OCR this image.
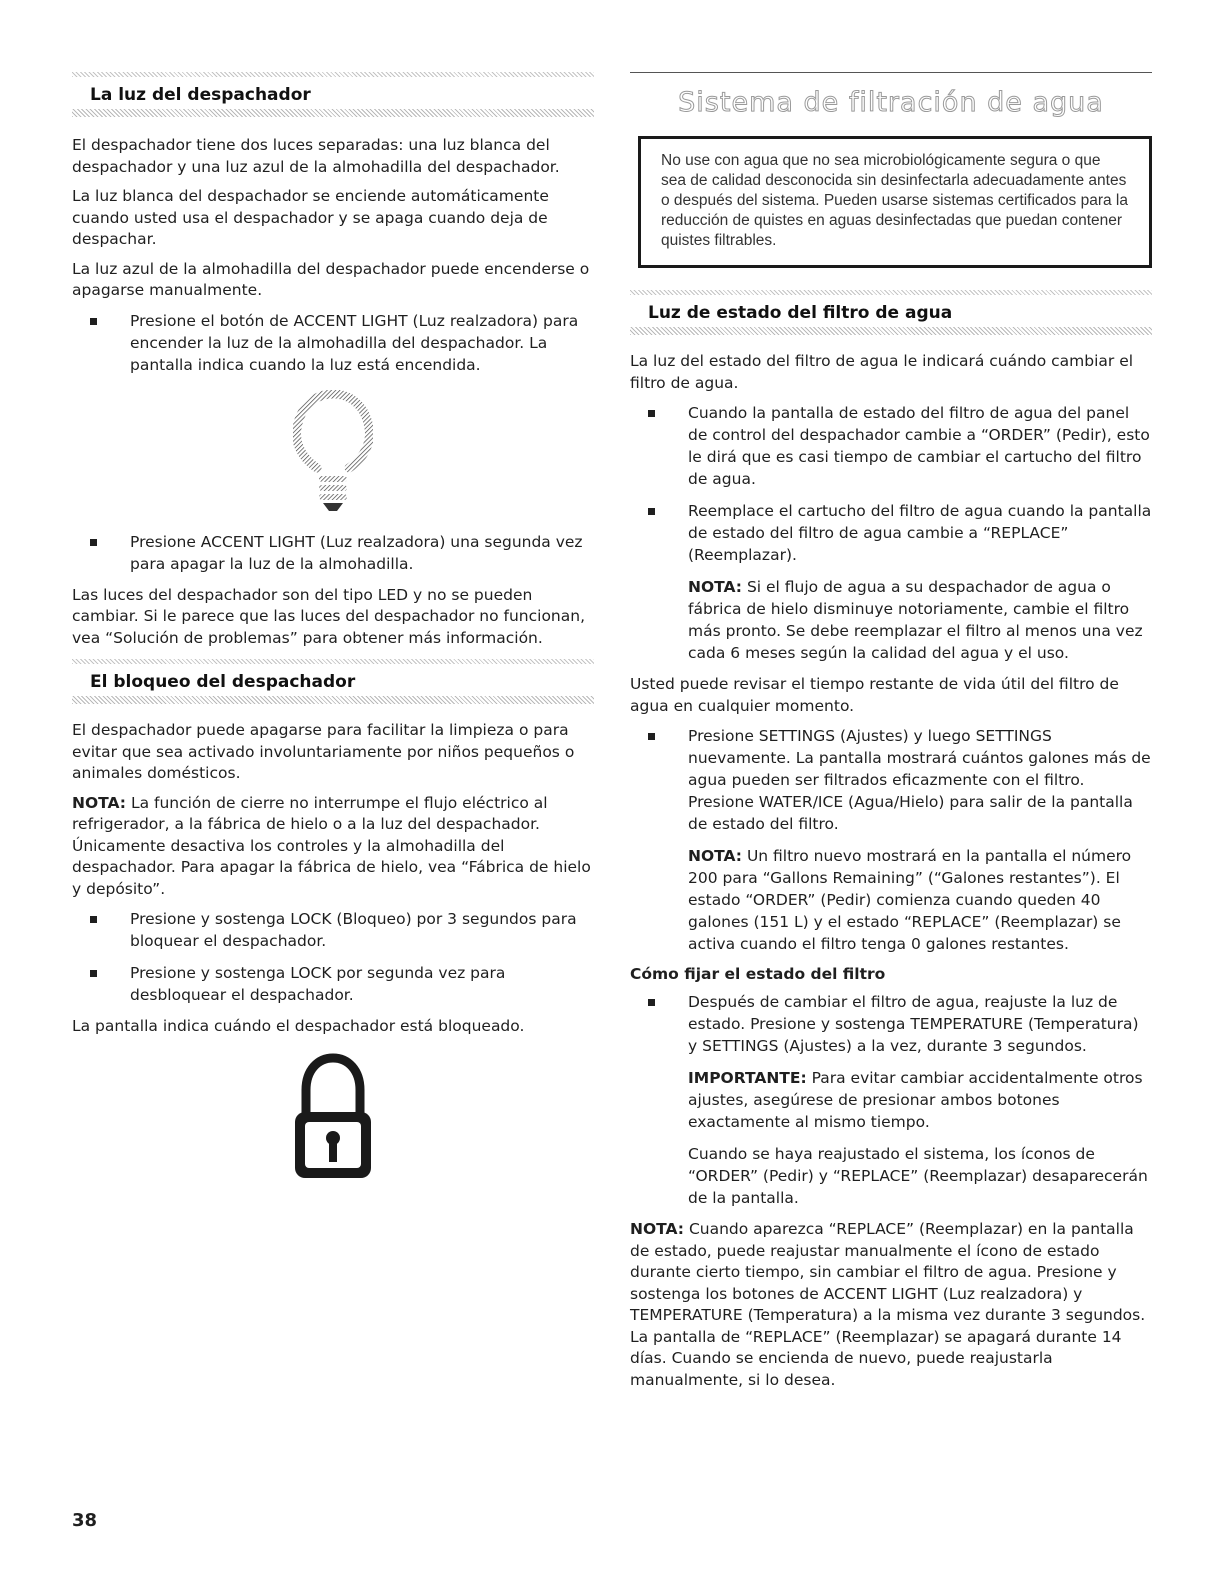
La luz del despachador

El despachador tiene dos luces separadas: una luz blanca del despachador y una luz azul de la almohadilla del despachador.

La luz blanca del despachador se enciende automáticamente cuando usted usa el despachador y se apaga cuando deja de despachar.

La luz azul de la almohadilla del despachador puede encenderse o apagarse manualmente.

Presione el botón de ACCENT LIGHT (Luz realzadora) para encender la luz de la almohadilla del despachador. La pantalla indica cuando la luz está encendida.
Presione ACCENT LIGHT (Luz realzadora) una segunda vez para apagar la luz de la almohadilla.

Las luces del despachador son del tipo LED y no se pueden cambiar. Si le parece que las luces del despachador no funcionan, vea “Solución de problemas” para obtener más información.

El bloqueo del despachador

El despachador puede apagarse para facilitar la limpieza o para evitar que sea activado involuntariamente por niños pequeños o animales domésticos.

NOTA: La función de cierre no interrumpe el flujo eléctrico al refrigerador, a la fábrica de hielo o a la luz del despachador. Únicamente desactiva los controles y la almohadilla del despachador. Para apagar la fábrica de hielo, vea “Fábrica de hielo y depósito”.

Presione y sostenga LOCK (Bloqueo) por 3 segundos para bloquear el despachador.
Presione y sostenga LOCK por segunda vez para desbloquear el despachador.

La pantalla indica cuándo el despachador está bloqueado.

Sistema de filtración de agua
No use con agua que no sea microbiológicamente segura o que sea de calidad desconocida sin desinfectarla adecuadamente antes o después del sistema. Pueden usarse sistemas certificados para la reducción de quistes en aguas desinfectadas que puedan contener quistes filtrables.
Luz de estado del filtro de agua

La luz del estado del filtro de agua le indicará cuándo cambiar el filtro de agua.

Cuando la pantalla de estado del filtro de agua del panel de control del despachador cambie a “ORDER” (Pedir), esto le dirá que es casi tiempo de cambiar el cartucho del filtro de agua.
Reemplace el cartucho del filtro de agua cuando la pantalla de estado del filtro de agua cambie a “REPLACE” (Reemplazar).
NOTA: Si el flujo de agua a su despachador de agua o fábrica de hielo disminuye notoriamente, cambie el filtro más pronto. Se debe reemplazar el filtro al menos una vez cada 6 meses según la calidad del agua y el uso.

Usted puede revisar el tiempo restante de vida útil del filtro de agua en cualquier momento.

Presione SETTINGS (Ajustes) y luego SETTINGS nuevamente. La pantalla mostrará cuántos galones más de agua pueden ser filtrados eficazmente con el filtro. Presione WATER/ICE (Agua/Hielo) para salir de la pantalla de estado del filtro.
NOTA: Un filtro nuevo mostrará en la pantalla el número 200 para “Gallons Remaining” (“Galones restantes”). El estado “ORDER” (Pedir) comienza cuando queden 40 galones (151 L) y el estado “REPLACE” (Reemplazar) se activa cuando el filtro tenga 0 galones restantes.
Cómo fijar el estado del filtro
Después de cambiar el filtro de agua, reajuste la luz de estado. Presione y sostenga TEMPERATURE (Temperatura) y SETTINGS (Ajustes) a la vez, durante 3 segundos.
IMPORTANTE: Para evitar cambiar accidentalmente otros ajustes, asegúrese de presionar ambos botones exactamente al mismo tiempo.
Cuando se haya reajustado el sistema, los íconos de “ORDER” (Pedir) y “REPLACE” (Reemplazar) desaparecerán de la pantalla.

NOTA: Cuando aparezca “REPLACE” (Reemplazar) en la pantalla de estado, puede reajustar manualmente el ícono de estado durante cierto tiempo, sin cambiar el filtro de agua. Presione y sostenga los botones de ACCENT LIGHT (Luz realzadora) y TEMPERATURE (Temperatura) a la misma vez durante 3 segundos. La pantalla de “REPLACE” (Reemplazar) se apagará durante 14 días. Cuando se encienda de nuevo, puede reajustarla manualmente, si lo desea.

38
